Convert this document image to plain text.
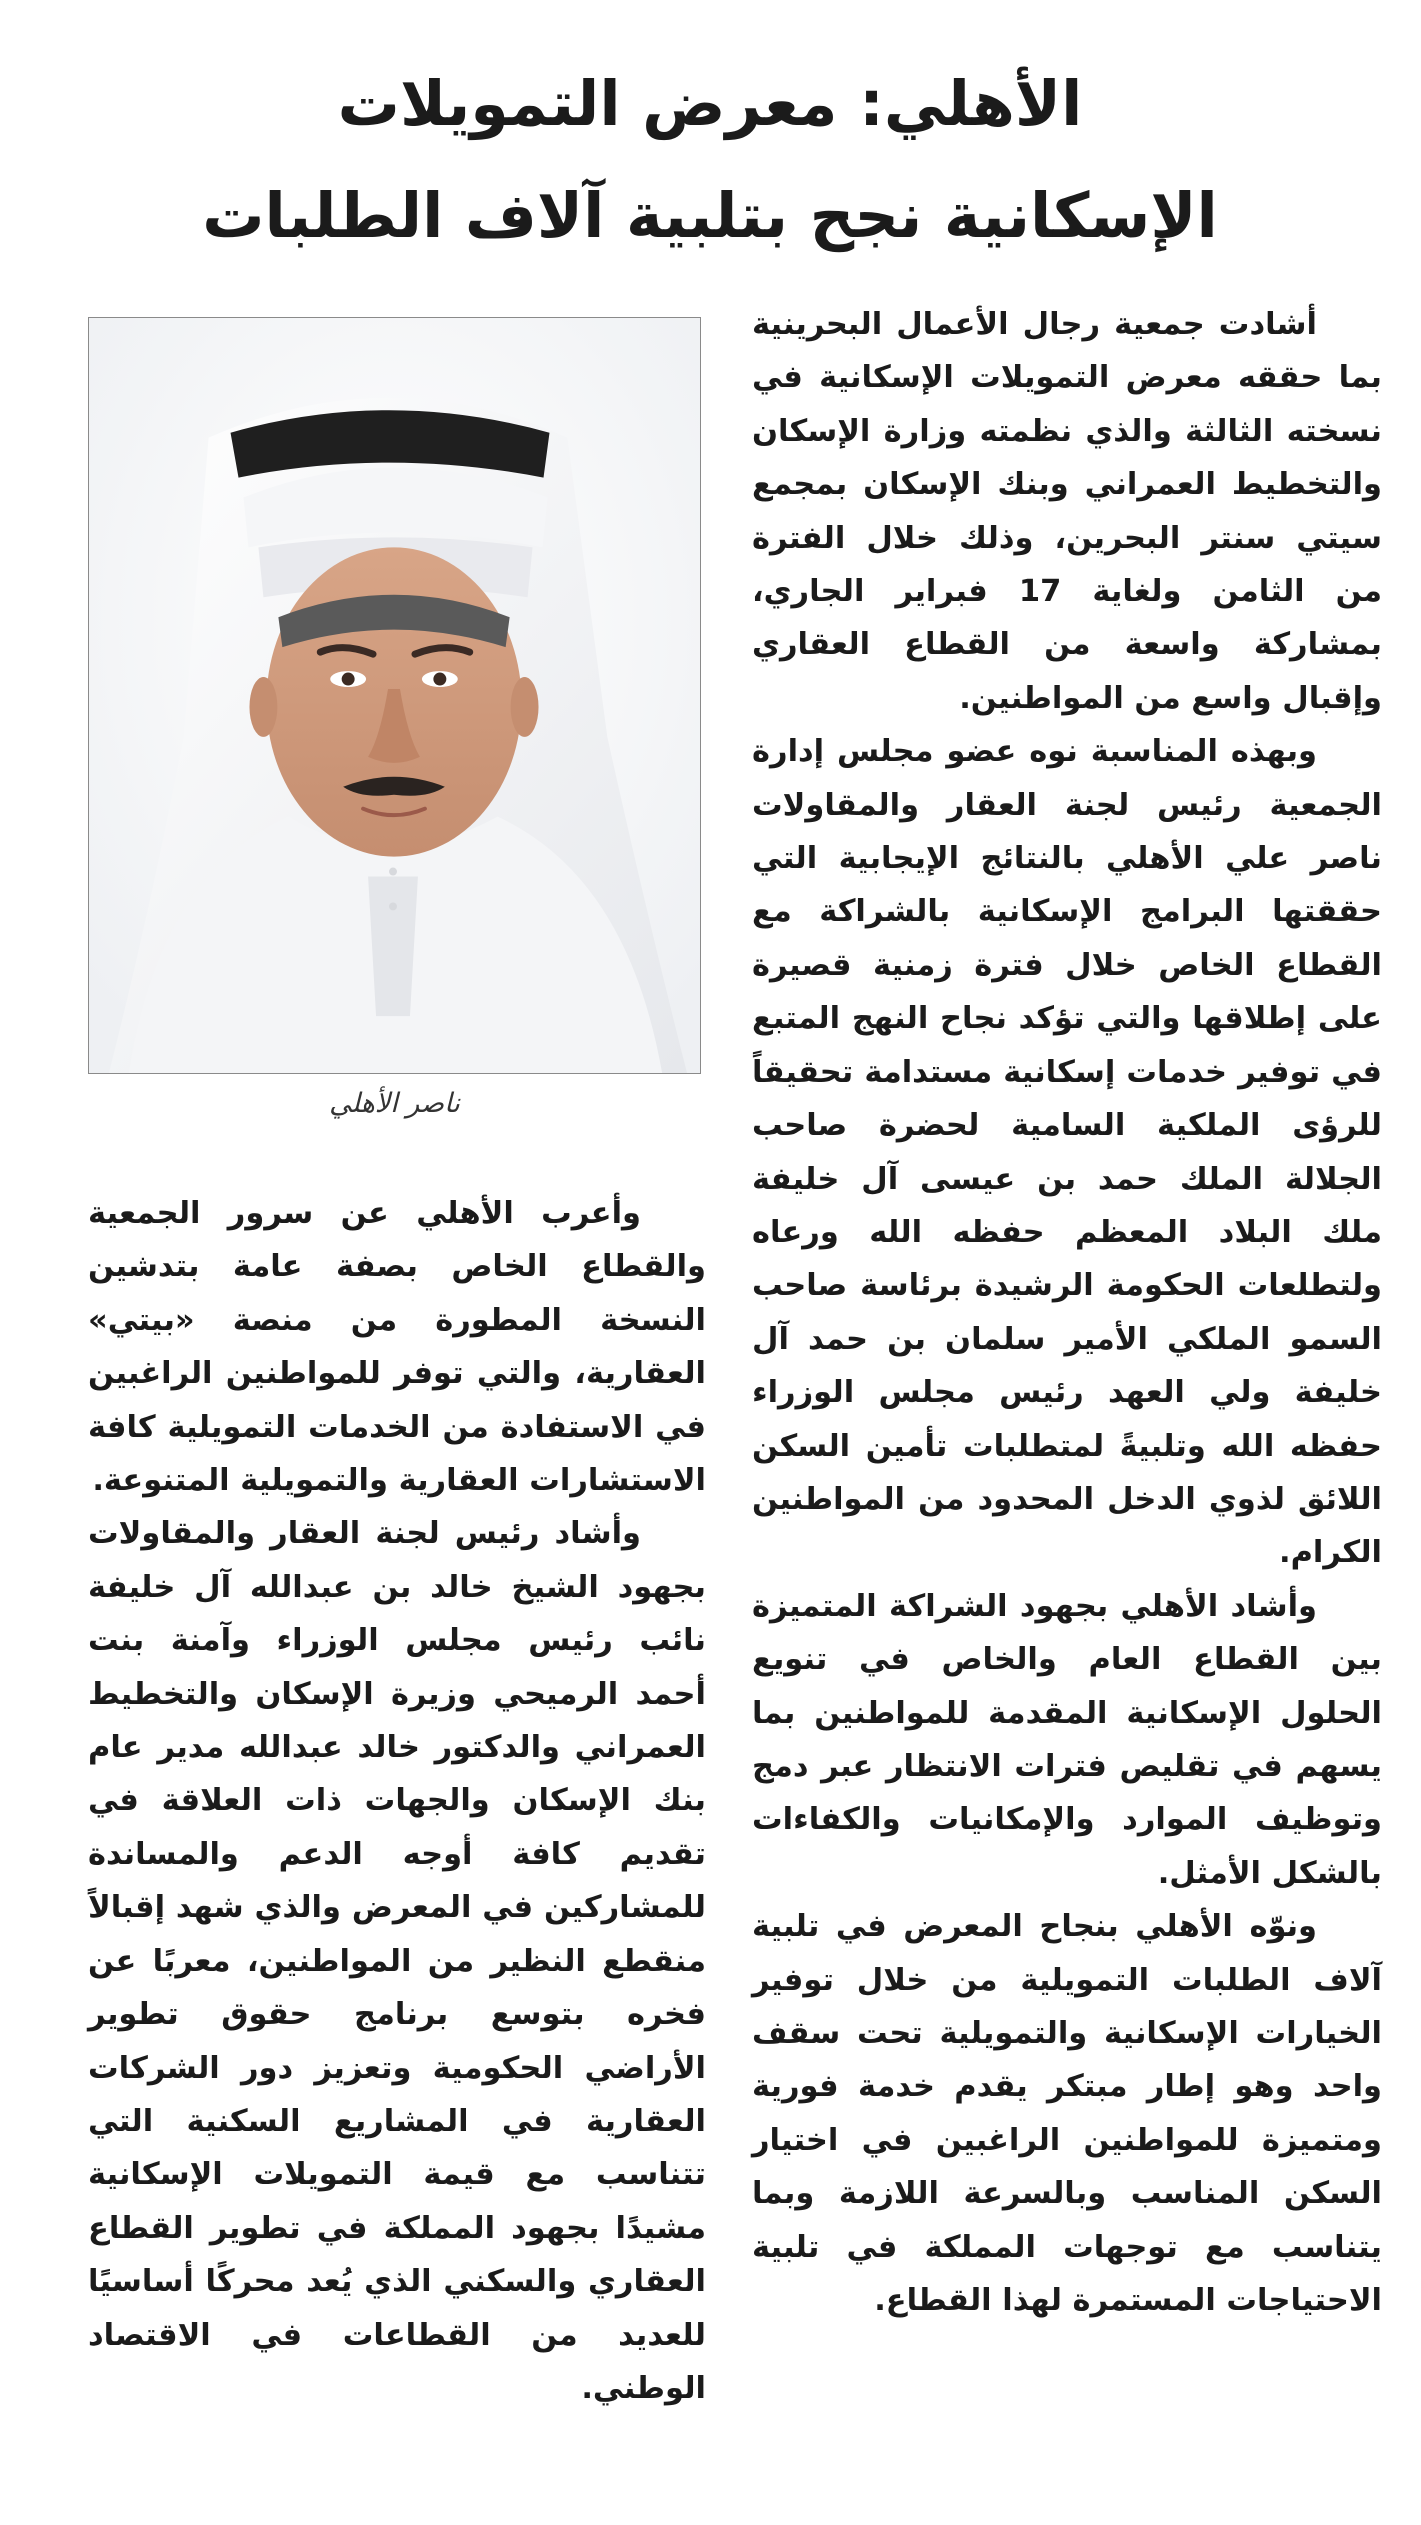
الأهلي: معرض التمويلات
الإسكانية نجح بتلبية آلاف الطلبات

أشادت جمعية رجال الأعمال البحرينية بما حققه معرض التمويلات الإسكانية في نسخته الثالثة والذي نظمته وزارة الإسكان والتخطيط العمراني وبنك الإسكان بمجمع سيتي سنتر البحرين، وذلك خلال الفترة من الثامن ولغاية 17 فبراير الجاري، بمشاركة واسعة من القطاع العقاري وإقبال واسع من المواطنين.

وبهذه المناسبة نوه عضو مجلس إدارة الجمعية رئيس لجنة العقار والمقاولات ناصر علي الأهلي بالنتائج الإيجابية التي حققتها البرامج الإسكانية بالشراكة مع القطاع الخاص خلال فترة زمنية قصيرة على إطلاقها والتي تؤكد نجاح النهج المتبع في توفير خدمات إسكانية مستدامة تحقيقاً للرؤى الملكية السامية لحضرة صاحب الجلالة الملك حمد بن عيسى آل خليفة ملك البلاد المعظم حفظه الله ورعاه ولتطلعات الحكومة الرشيدة برئاسة صاحب السمو الملكي الأمير سلمان بن حمد آل خليفة ولي العهد رئيس مجلس الوزراء حفظه الله وتلبيةً لمتطلبات تأمين السكن اللائق لذوي الدخل المحدود من المواطنين الكرام.

وأشاد الأهلي بجهود الشراكة المتميزة بين القطاع العام والخاص في تنويع الحلول الإسكانية المقدمة للمواطنين بما يسهم في تقليص فترات الانتظار عبر دمج وتوظيف الموارد والإمكانيات والكفاءات بالشكل الأمثل.

ونوّه الأهلي بنجاح المعرض في تلبية آلاف الطلبات التمويلية من خلال توفير الخيارات الإسكانية والتمويلية تحت سقف واحد وهو إطار مبتكر يقدم خدمة فورية ومتميزة للمواطنين الراغبين في اختيار السكن المناسب وبالسرعة اللازمة وبما يتناسب مع توجهات المملكة في تلبية الاحتياجات المستمرة لهذا القطاع.

ناصر الأهلي

وأعرب الأهلي عن سرور الجمعية والقطاع الخاص بصفة عامة بتدشين النسخة المطورة من منصة «بيتي» العقارية، والتي توفر للمواطنين الراغبين في الاستفادة من الخدمات التمويلية كافة الاستشارات العقارية والتمويلية المتنوعة.

وأشاد رئيس لجنة العقار والمقاولات بجهود الشيخ خالد بن عبدالله آل خليفة نائب رئيس مجلس الوزراء وآمنة بنت أحمد الرميحي وزيرة الإسكان والتخطيط العمراني والدكتور خالد عبدالله مدير عام بنك الإسكان والجهات ذات العلاقة في تقديم كافة أوجه الدعم والمساندة للمشاركين في المعرض والذي شهد إقبالاً منقطع النظير من المواطنين، معربًا عن فخره بتوسع برنامج حقوق تطوير الأراضي الحكومية وتعزيز دور الشركات العقارية في المشاريع السكنية التي تتناسب مع قيمة التمويلات الإسكانية مشيدًا بجهود المملكة في تطوير القطاع العقاري والسكني الذي يُعد محركًا أساسيًا للعديد من القطاعات في الاقتصاد الوطني.
